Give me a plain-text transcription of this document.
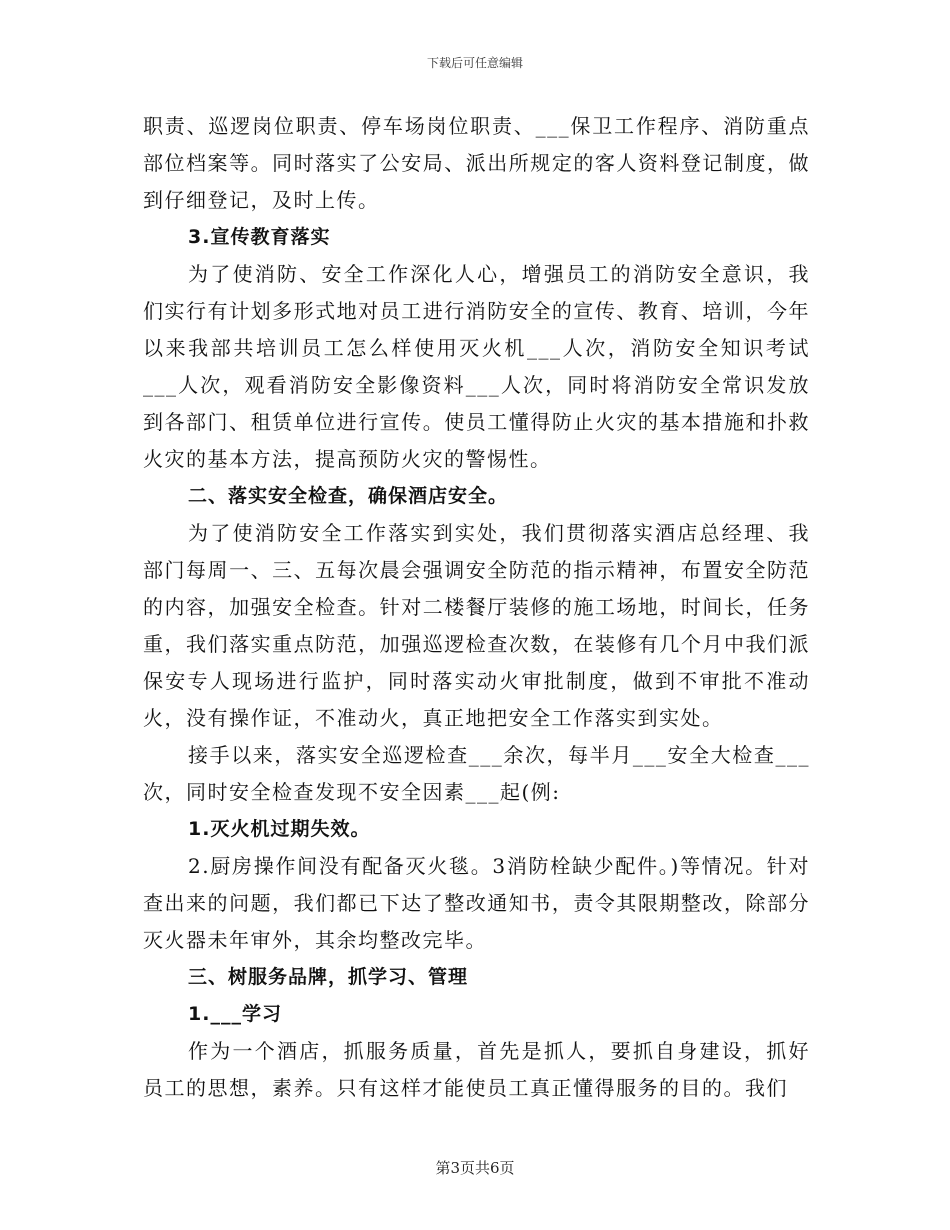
下载后可任意编辑

职责、巡逻岗位职责、停车场岗位职责、___保卫工作程序、消防重点部位档案等。同时落实了公安局、派出所规定的客人资料登记制度，做到仔细登记，及时上传。

3.宣传教育落实

为了使消防、安全工作深化人心，增强员工的消防安全意识，我们实行有计划多形式地对员工进行消防安全的宣传、教育、培训，今年以来我部共培训员工怎么样使用灭火机___人次，消防安全知识考试___人次，观看消防安全影像资料___人次，同时将消防安全常识发放到各部门、租赁单位进行宣传。使员工懂得防止火灾的基本措施和扑救火灾的基本方法，提高预防火灾的警惕性。

二、落实安全检查，确保酒店安全。

为了使消防安全工作落实到实处，我们贯彻落实酒店总经理、我部门每周一、三、五每次晨会强调安全防范的指示精神，布置安全防范的内容，加强安全检查。针对二楼餐厅装修的施工场地，时间长，任务重，我们落实重点防范，加强巡逻检查次数，在装修有几个月中我们派保安专人现场进行监护，同时落实动火审批制度，做到不审批不准动火，没有操作证，不准动火，真正地把安全工作落实到实处。

接手以来，落实安全巡逻检查___余次，每半月___安全大检查___次，同时安全检查发现不安全因素___起(例:

1.灭火机过期失效。

2.厨房操作间没有配备灭火毯。3消防栓缺少配件。)等情况。针对查出来的问题，我们都已下达了整改通知书，责令其限期整改，除部分灭火器未年审外，其余均整改完毕。

三、树服务品牌，抓学习、管理

1.___学习

作为一个酒店，抓服务质量，首先是抓人，要抓自身建设，抓好员工的思想，素养。只有这样才能使员工真正懂得服务的目的。我们

第3页共6页
